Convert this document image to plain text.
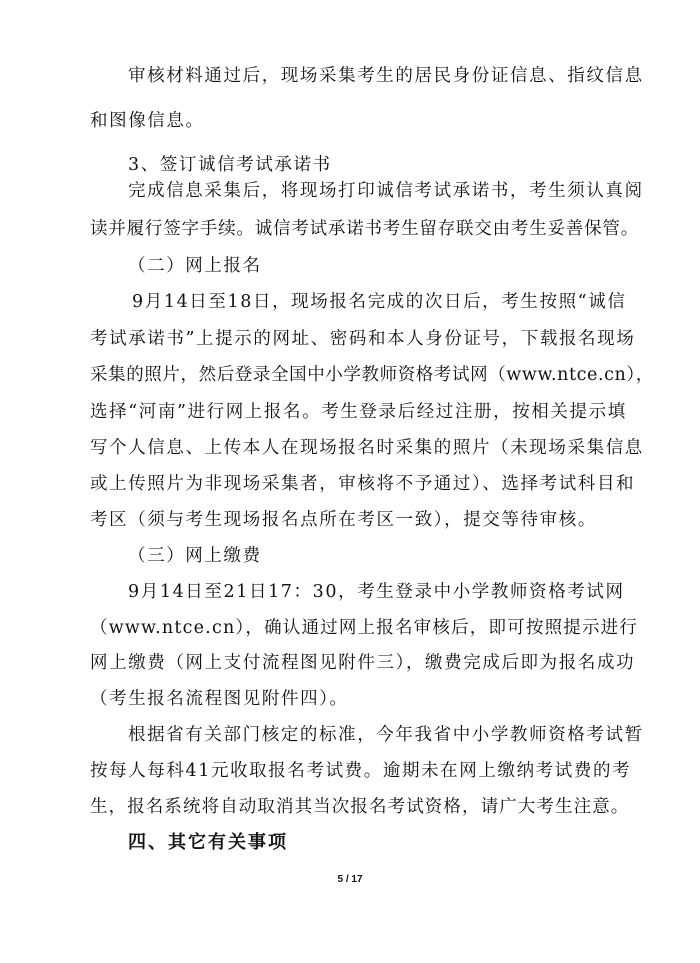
审核材料通过后，现场采集考生的居民身份证信息、指纹信息
和图像信息。
3、签订诚信考试承诺书
完成信息采集后，将现场打印诚信考试承诺书，考生须认真阅
读并履行签字手续。诚信考试承诺书考生留存联交由考生妥善保管。
（二）网上报名
9月14日至18日，现场报名完成的次日后，考生按照“诚信
考试承诺书”上提示的网址、密码和本人身份证号，下载报名现场
采集的照片，然后登录全国中小学教师资格考试网（www.ntce.cn），
选择“河南”进行网上报名。考生登录后经过注册，按相关提示填
写个人信息、上传本人在现场报名时采集的照片（未现场采集信息
或上传照片为非现场采集者，审核将不予通过）、选择考试科目和
考区（须与考生现场报名点所在考区一致），提交等待审核。
（三）网上缴费
9月14日至21日17：30，考生登录中小学教师资格考试网
（www.ntce.cn），确认通过网上报名审核后，即可按照提示进行
网上缴费（网上支付流程图见附件三），缴费完成后即为报名成功
（考生报名流程图见附件四）。
根据省有关部门核定的标准，今年我省中小学教师资格考试暂
按每人每科41元收取报名考试费。逾期未在网上缴纳考试费的考
生，报名系统将自动取消其当次报名考试资格，请广大考生注意。
四、其它有关事项
5 / 17
